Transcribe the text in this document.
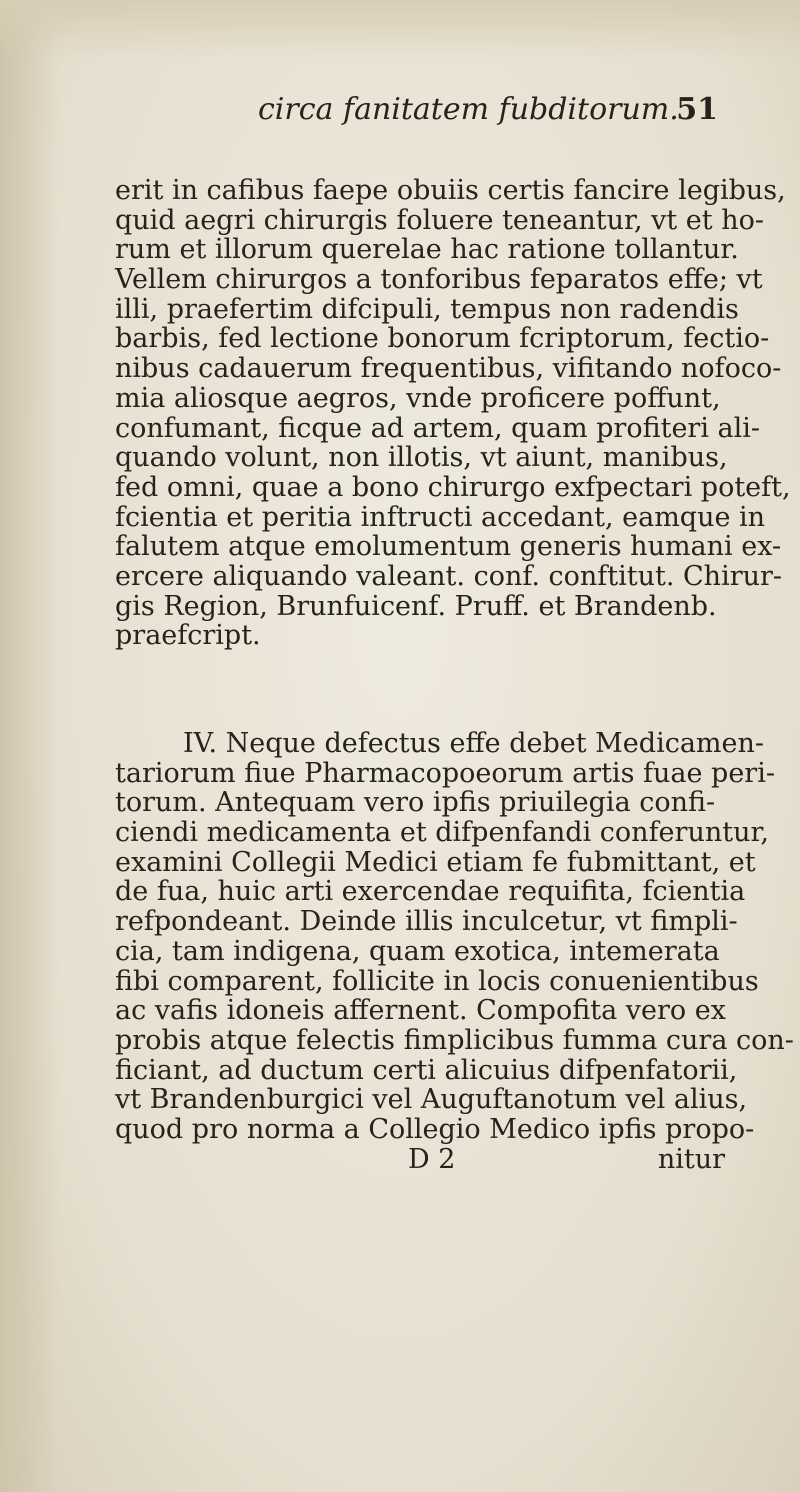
circa fanitatem fubditorum.
51
erit in cafibus faepe obuiis certis fancire legibus,
quid aegri chirurgis foluere teneantur, vt et ho-
rum et illorum querelae hac ratione tollantur.
Vellem chirurgos a tonforibus feparatos effe; vt
illi, praefertim difcipuli, tempus non radendis
barbis, fed lectione bonorum fcriptorum, fectio-
nibus cadauerum frequentibus, vifitando nofoco-
mia aliosque aegros, vnde proficere poffunt,
confumant, ficque ad artem, quam profiteri ali-
quando volunt, non illotis, vt aiunt, manibus,
fed omni, quae a bono chirurgo exfpectari poteft,
fcientia et peritia inftructi accedant, eamque in
falutem atque emolumentum generis humani ex-
ercere aliquando valeant. conf. conftitut. Chirur-
gis Region, Brunfuicenf. Pruff. et Brandenb.
praefcript.
IV. Neque defectus effe debet Medicamen-
tariorum fiue Pharmacopoeorum artis fuae peri-
torum. Antequam vero ipfis priuilegia confi-
ciendi medicamenta et difpenfandi conferuntur,
examini Collegii Medici etiam fe fubmittant, et
de fua, huic arti exercendae requifita, fcientia
refpondeant. Deinde illis inculcetur, vt fimpli-
cia, tam indigena, quam exotica, intemerata
fibi comparent, follicite in locis conuenientibus
ac vafis idoneis affernent. Compofita vero ex
probis atque felectis fimplicibus fumma cura con-
ficiant, ad ductum certi alicuius difpenfatorii,
vt Brandenburgici vel Auguftanotum vel alius,
quod pro norma a Collegio Medico ipfis propo-
D 2	nitur
